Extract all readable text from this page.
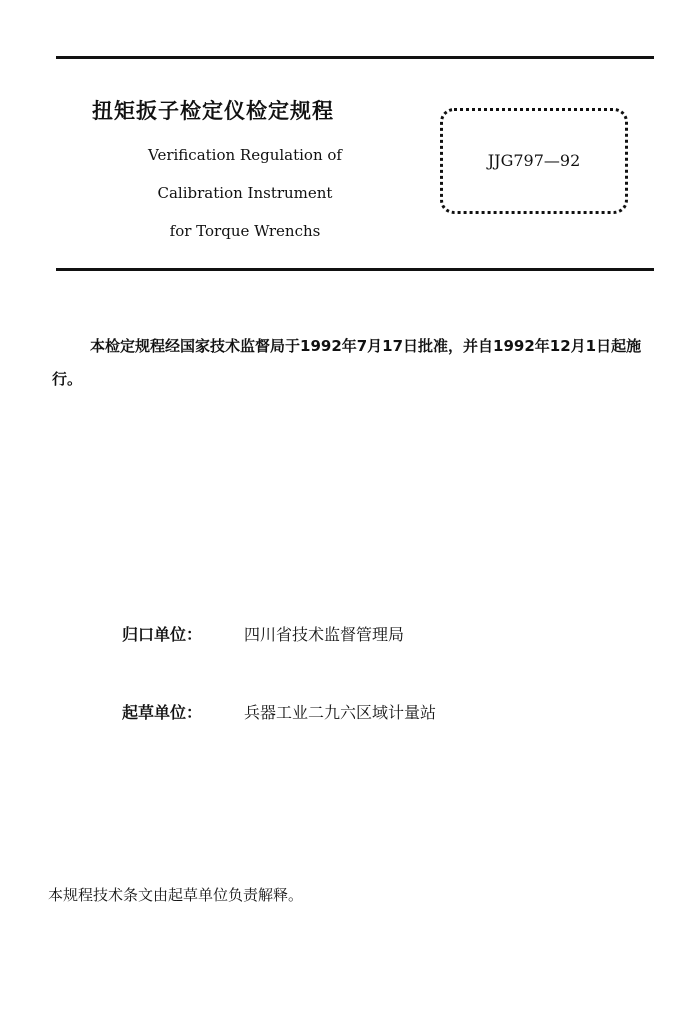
扭矩扳子检定仪检定规程
Verification Regulation of
Calibration Instrument
for Torque Wrenchs
JJG797—92
本检定规程经国家技术监督局于1992年7月17日批准，并自1992年12月1日起施行。
归口单位：	四川省技术监督管理局
起草单位：	兵器工业二九六区域计量站
本规程技术条文由起草单位负责解释。
